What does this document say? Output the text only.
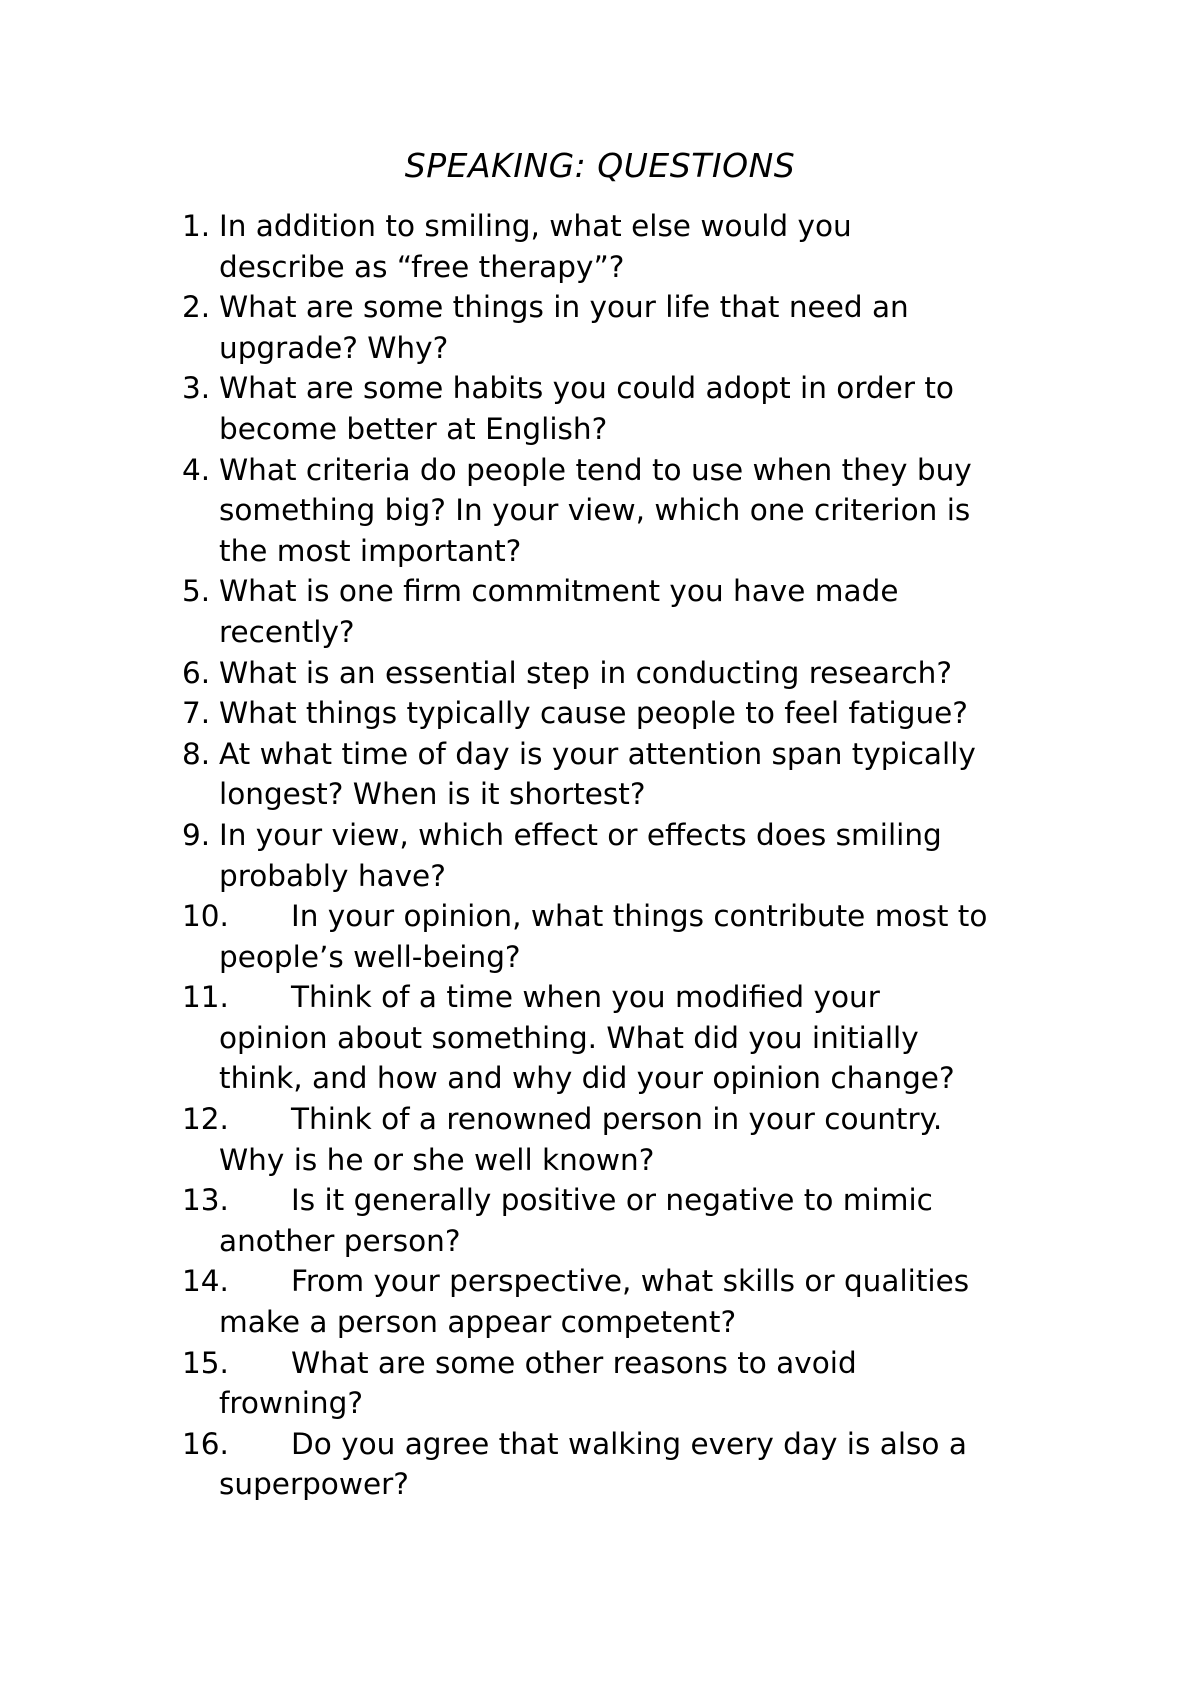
SPEAKING: QUESTIONS
1. In addition to smiling, what else would you
describe as “free therapy”?
2. What are some things in your life that need an
upgrade? Why?
3. What are some habits you could adopt in order to
become better at English?
4. What criteria do people tend to use when they buy
something big? In your view, which one criterion is
the most important?
5. What is one firm commitment you have made
recently?
6. What is an essential step in conducting research?
7. What things typically cause people to feel fatigue?
8. At what time of day is your attention span typically
longest? When is it shortest?
9. In your view, which effect or effects does smiling
probably have?
10.	In your opinion, what things contribute most to
people’s well-being?
11.	Think of a time when you modified your
opinion about something. What did you initially
think, and how and why did your opinion change?
12.	Think of a renowned person in your country.
Why is he or she well known?
13.	Is it generally positive or negative to mimic
another person?
14.	From your perspective, what skills or qualities
make a person appear competent?
15.	What are some other reasons to avoid
frowning?
16.	Do you agree that walking every day is also a
superpower?
